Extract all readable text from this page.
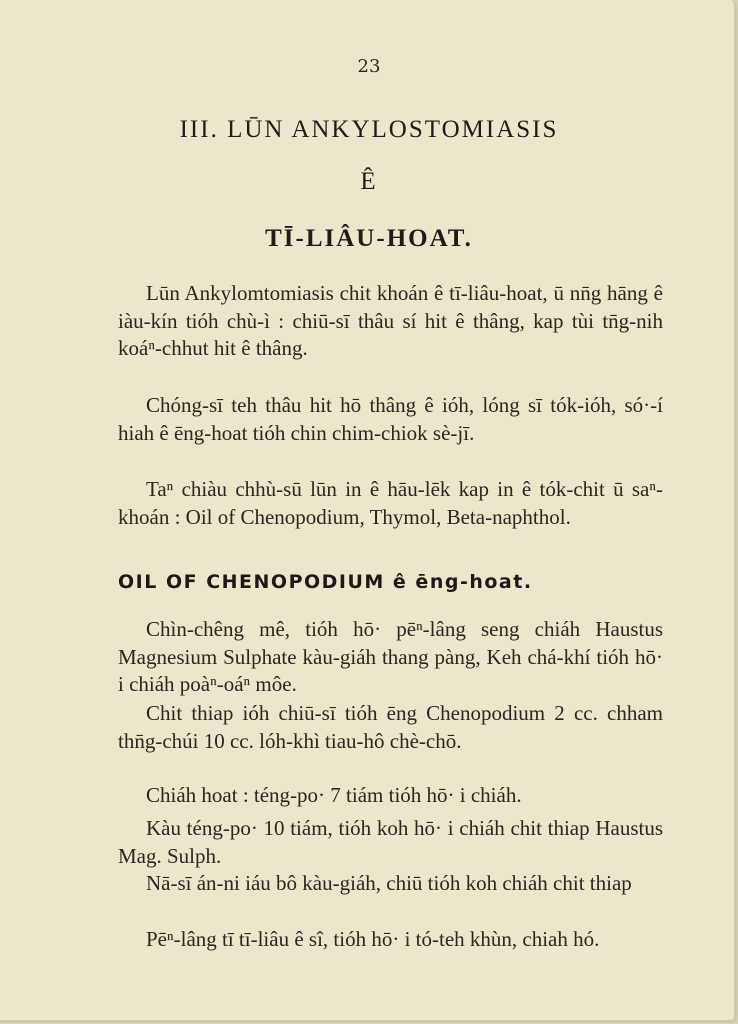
23
III. LŪN ANKYLOSTOMIASIS
Ê
TĪ-LIÂU-HOAT.

Lūn Ankylomtomiasis chit khoán ê tī-liâu-hoat, ū nn̄g hāng ê iàu-kín tióh chù-ì : chiū-sī thâu sí hit ê thâng, kap tùi tn̄g-nih koáⁿ-chhut hit ê thâng.

Chóng-sī teh thâu hit hō thâng ê ióh, lóng sī tók-ióh, só·-í hiah ê ēng-hoat tióh chin chim-chiok sè-jī.

Taⁿ chiàu chhù-sū lūn in ê hāu-lēk kap in ê tók-chit ū saⁿ-khoán : Oil of Chenopodium, Thymol, Beta-naphthol.

OIL OF CHENOPODIUM ê ēng-hoat.

Chìn-chêng mê, tióh hō· pēⁿ-lâng seng chiáh Haustus Magnesium Sulphate kàu-giáh thang pàng, Keh chá-khí tióh hō· i chiáh poàⁿ-oáⁿ môe.

Chit thiap ióh chiū-sī tióh ēng Chenopodium 2 cc. chham thn̄g-chúi 10 cc. lóh-khì tiau-hô chè-chō.

Chiáh hoat : téng-po· 7 tiám tióh hō· i chiáh.

Kàu téng-po· 10 tiám, tióh koh hō· i chiáh chit thiap Haustus Mag. Sulph.

Nā-sī án-ni iáu bô kàu-giáh, chiū tióh koh chiáh chit thiap

Pēⁿ-lâng tī tī-liâu ê sî, tióh hō· i tó-teh khùn, chiah hó.
